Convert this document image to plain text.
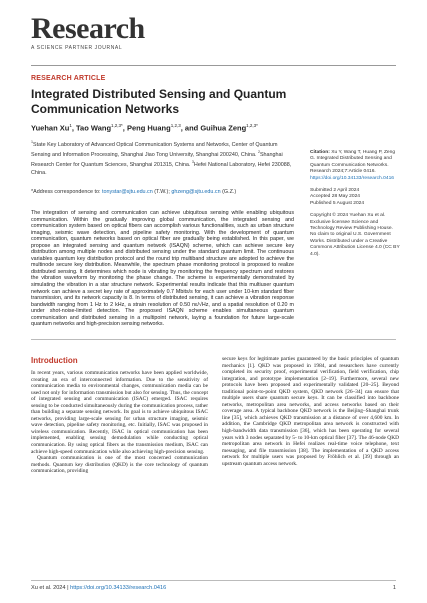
Research
A SCIENCE PARTNER JOURNAL
RESEARCH ARTICLE
Integrated Distributed Sensing and Quantum Communication Networks
Yuehan Xu$^1$, Tao Wang$^{1,2,3*}$, Peng Huang$^{1,2,3}$, and Guihua Zeng$^{1,2,3*}$
$^1$State Key Laboratory of Advanced Optical Communication Systems and Networks, Center of Quantum Sensing and Information Processing, Shanghai Jiao Tong University, Shanghai 200240, China. $^2$Shanghai Research Center for Quantum Sciences, Shanghai 201315, China. $^3$Hefei National Laboratory, Hefei 230088, China.
*Address correspondence to: tonystar@sjtu.edu.cn (T.W.); ghzeng@sjtu.edu.cn (G.Z.)
Citation: Xu Y, Wang T, Huang P, Zeng G. Integrated Distributed Sensing and Quantum Communication Networks. Research 2024;7:Article 0416.
https://doi.org/10.34133/research.0416
Submitted 2 April 2024
Accepted 28 May 2024
Published 5 August 2024
Copyright © 2024 Yuehan Xu et al. Exclusive licensee Science and Technology Review Publishing House. No claim to original U.S. Government Works. Distributed under a Creative Commons Attribution License 4.0 (CC BY 4.0).
The integration of sensing and communication can achieve ubiquitous sensing while enabling ubiquitous communication. Within the gradually improving global communication, the integrated sensing and communication system based on optical fibers can accomplish various functionalities, such as urban structure imaging, seismic wave detection, and pipeline safety monitoring. With the development of quantum communication, quantum networks based on optical fiber are gradually being established. In this paper, we propose an integrated sensing and quantum network (ISAQN) scheme, which can achieve secure key distribution among multiple nodes and distributed sensing under the standard quantum limit. The continuous variables quantum key distribution protocol and the round trip multiband structure are adopted to achieve the multinode secure key distribution. Meanwhile, the spectrum phase monitoring protocol is proposed to realize distributed sensing. It determines which node is vibrating by monitoring the frequency spectrum and restores the vibration waveform by monitoring the phase change. The scheme is experimentally demonstrated by simulating the vibration in a star structure network. Experimental results indicate that this multiuser quantum network can achieve a secret key rate of approximately 0.7 Mbits/s for each user under 10-km standard fiber transmission, and its network capacity is 8. In terms of distributed sensing, it can achieve a vibration response bandwidth ranging from 1 Hz to 2 kHz, a strain resolution of 0.50 nε/√Hz, and a spatial resolution of 0.20 m under shot-noise-limited detection. The proposed ISAQN scheme enables simultaneous quantum communication and distributed sensing in a multipoint network, laying a foundation for future large-scale quantum networks and high-precision sensing networks.
Introduction

In recent years, various communication networks have been applied worldwide, creating an era of interconnected information. Due to the sensitivity of communication media to environmental changes, communication media can be used not only for information transmission but also for sensing. Thus, the concept of integrated sensing and communication (ISAC) emerged. ISAC requires sensing to be conducted simultaneously during the communication process, rather than building a separate sensing network. Its goal is to achieve ubiquitous ISAC networks, providing large-scale sensing for urban structure imaging, seismic wave detection, pipeline safety monitoring, etc. Initially, ISAC was proposed in wireless communication. Recently, ISAC in optical communication has been implemented, enabling sensing demodulation while conducting optical communication. By using optical fibers as the transmission medium, ISAC can achieve high-speed communication while also achieving high-precision sensing.

Quantum communication is one of the most concerned communication methods. Quantum key distribution (QKD) is the core technology of quantum communication, providing

secure keys for legitimate parties guaranteed by the basic principles of quantum mechanics [1]. QKD was proposed in 1984, and researchers have currently completed its security proof, experimental verification, field verification, chip integration, and prototype implementation [2–19]. Furthermore, several new protocols have been proposed and experimentally validated [20–25]. Beyond traditional point-to-point QKD system, QKD network [26–34] can ensure that multiple users share quantum secure keys. It can be classified into backbone networks, metropolitan area networks, and access networks based on their coverage area. A typical backbone QKD network is the Beijing–Shanghai trunk line [35], which achieves QKD transmission at a distance of over 4,600 km. In addition, the Cambridge QKD metropolitan area network is constructed with high-bandwidth data transmission [36], which has been operating for several years with 3 nodes separated by 5- to 10-km optical fiber [37]. The 46-node QKD metropolitan area network in Hefei realizes real-time voice telephone, text messaging, and file transmission [38]. The implementation of a QKD access network for multiple users was proposed by Fröhlich et al. [39] through an upstream quantum access network.

Xu et al. 2024 | https://doi.org/10.34133/research.0416	1
